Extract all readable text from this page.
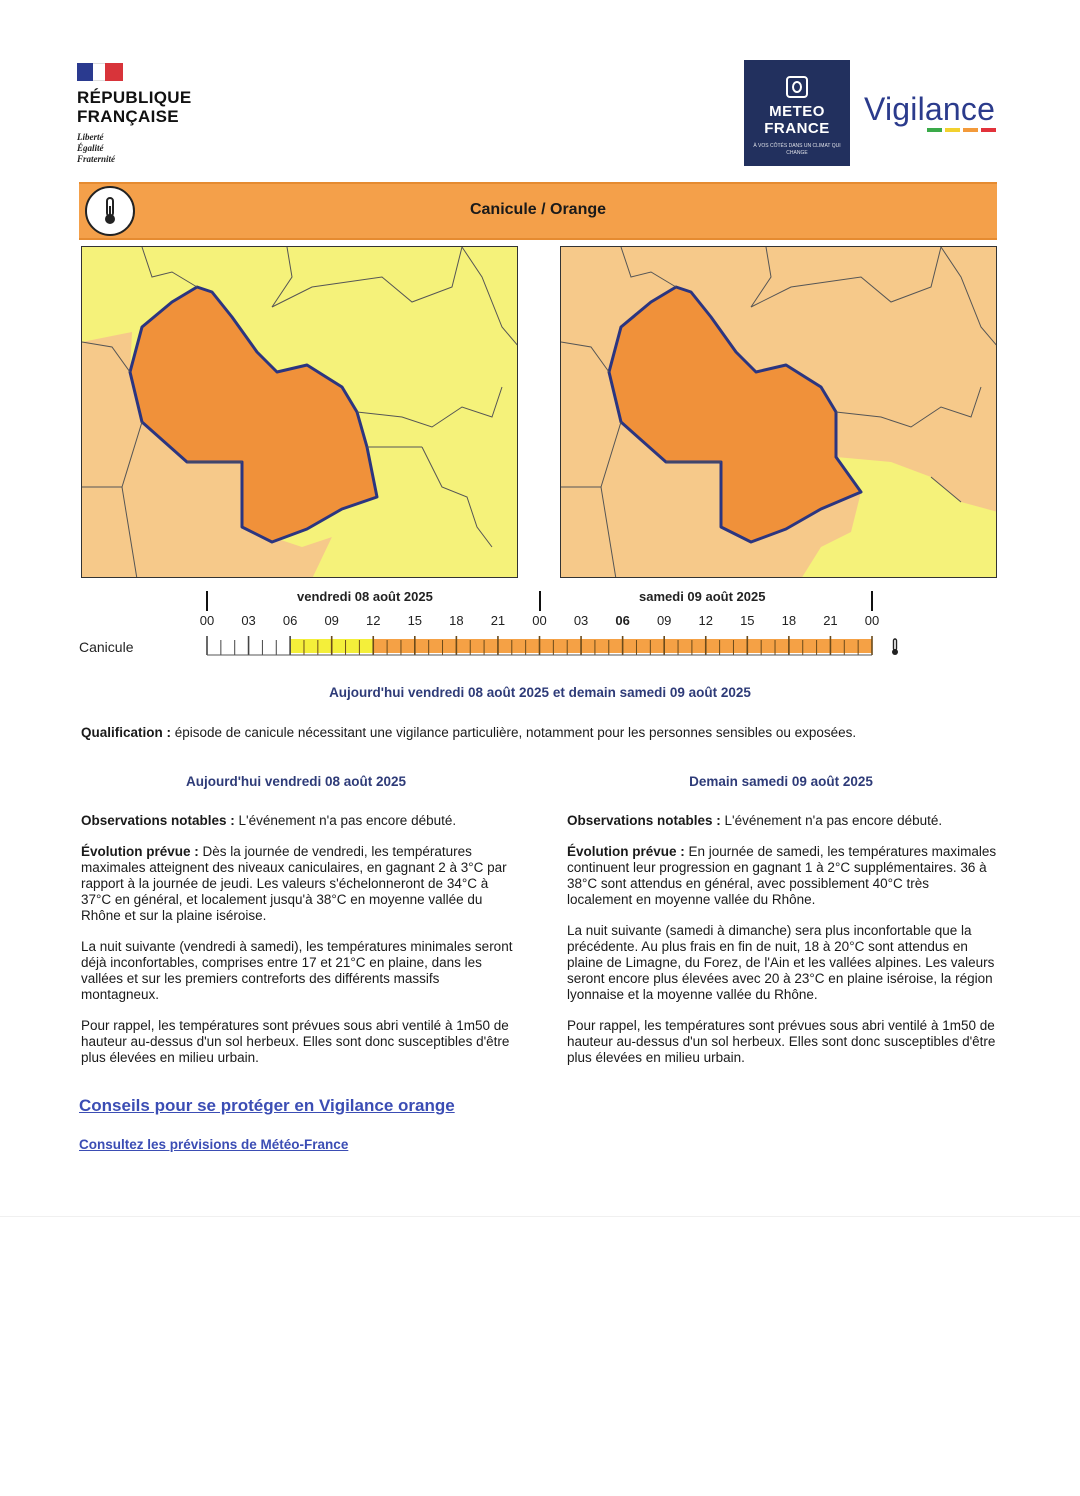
RÉPUBLIQUE
FRANÇAISE
Liberté
Égalité
Fraternité
METEO
FRANCE
À VOS CÔTÉS DANS UN CLIMAT QUI CHANGE
Vigilance
Canicule / Orange
vendredi 08 août 2025	samedi 09 août 2025
00	03	06	09	12	15	18	21	00	03	06	09	12	15	18	21	00
Canicule
Aujourd'hui vendredi 08 août 2025 et demain samedi 09 août 2025
Qualification : épisode de canicule nécessitant une vigilance particulière, notamment pour les personnes sensibles ou exposées.
Aujourd'hui vendredi 08 août 2025

Observations notables : L'événement n'a pas encore débuté.

Évolution prévue : Dès la journée de vendredi, les températures maximales atteignent des niveaux caniculaires, en gagnant 2 à 3°C par rapport à la journée de jeudi. Les valeurs s'échelonneront de 34°C à 37°C en général, et localement jusqu'à 38°C en moyenne vallée du Rhône et sur la plaine iséroise.

La nuit suivante (vendredi à samedi), les températures minimales seront déjà inconfortables, comprises entre 17 et 21°C en plaine, dans les vallées et sur les premiers contreforts des différents massifs montagneux.

Pour rappel, les températures sont prévues sous abri ventilé à 1m50 de hauteur au-dessus d'un sol herbeux. Elles sont donc susceptibles d'être plus élevées en milieu urbain.

Demain samedi 09 août 2025

Observations notables : L'événement n'a pas encore débuté.

Évolution prévue : En journée de samedi, les températures maximales continuent leur progression en gagnant 1 à 2°C supplémentaires. 36 à 38°C sont attendus en général, avec possiblement 40°C très localement en moyenne vallée du Rhône.

La nuit suivante (samedi à dimanche) sera plus inconfortable que la précédente. Au plus frais en fin de nuit, 18 à 20°C sont attendus en plaine de Limagne, du Forez, de l'Ain et les vallées alpines. Les valeurs seront encore plus élevées avec 20 à 23°C en plaine iséroise, la région lyonnaise et la moyenne vallée du Rhône.

Pour rappel, les températures sont prévues sous abri ventilé à 1m50 de hauteur au-dessus d'un sol herbeux. Elles sont donc susceptibles d'être plus élevées en milieu urbain.

Conseils pour se protéger en Vigilance orange
Consultez les prévisions de Météo-France
